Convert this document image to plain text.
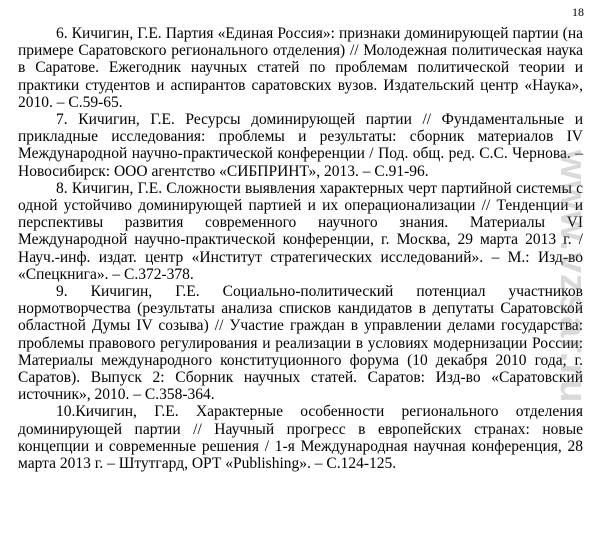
18

6. Кичигин, Г.Е. Партия «Единая Россия»: признаки доминирующей партии (на примере Саратовского регионального отделения) // Молодежная политическая наука в Саратове. Ежегодник научных статей по проблемам политической теории и практики студентов и аспирантов саратовских вузов. Издательский центр «Наука», 2010. – С.59-65.

7. Кичигин, Г.Е. Ресурсы доминирующей партии // Фундаментальные и прикладные исследования: проблемы и результаты: сборник материалов IV Международной научно-практической конференции / Под. общ. ред. С.С. Чернова. – Новосибирск: ООО агентство «СИБПРИНТ», 2013. – С.91-96.

8. Кичигин, Г.Е. Сложности выявления характерных черт партийной системы с одной устойчиво доминирующей партией и их операционализации // Тенденции и перспективы развития современного научного знания. Материалы VI Международной научно-практической конференции, г. Москва, 29 марта 2013 г. / Науч.-инф. издат. центр «Институт стратегических исследований». – М.: Изд-во «Спецкнига». – С.372-378.

9. Кичигин, Г.Е. Социально-политический потенциал участников нормотворчества (результаты анализа списков кандидатов в депутаты Саратовской областной Думы IV созыва) // Участие граждан в управлении делами государства: проблемы правового регулирования и реализации в условиях модернизации России: Материалы международного конституционного форума (10 декабря 2010 года, г. Саратов). Выпуск 2: Сборник научных статей. Саратов: Изд-во «Саратовский источник», 2010. – С.358-364.

10.Кичигин, Г.Е. Характерные особенности регионального отделения доминирующей партии // Научный прогресс в европейских странах: новые концепции и современные решения / 1-я Международная научная конференция, 28 марта 2013 г. – Штутгард, ОРТ «Publishing». – С.124-125.

www.vzsar.ru
